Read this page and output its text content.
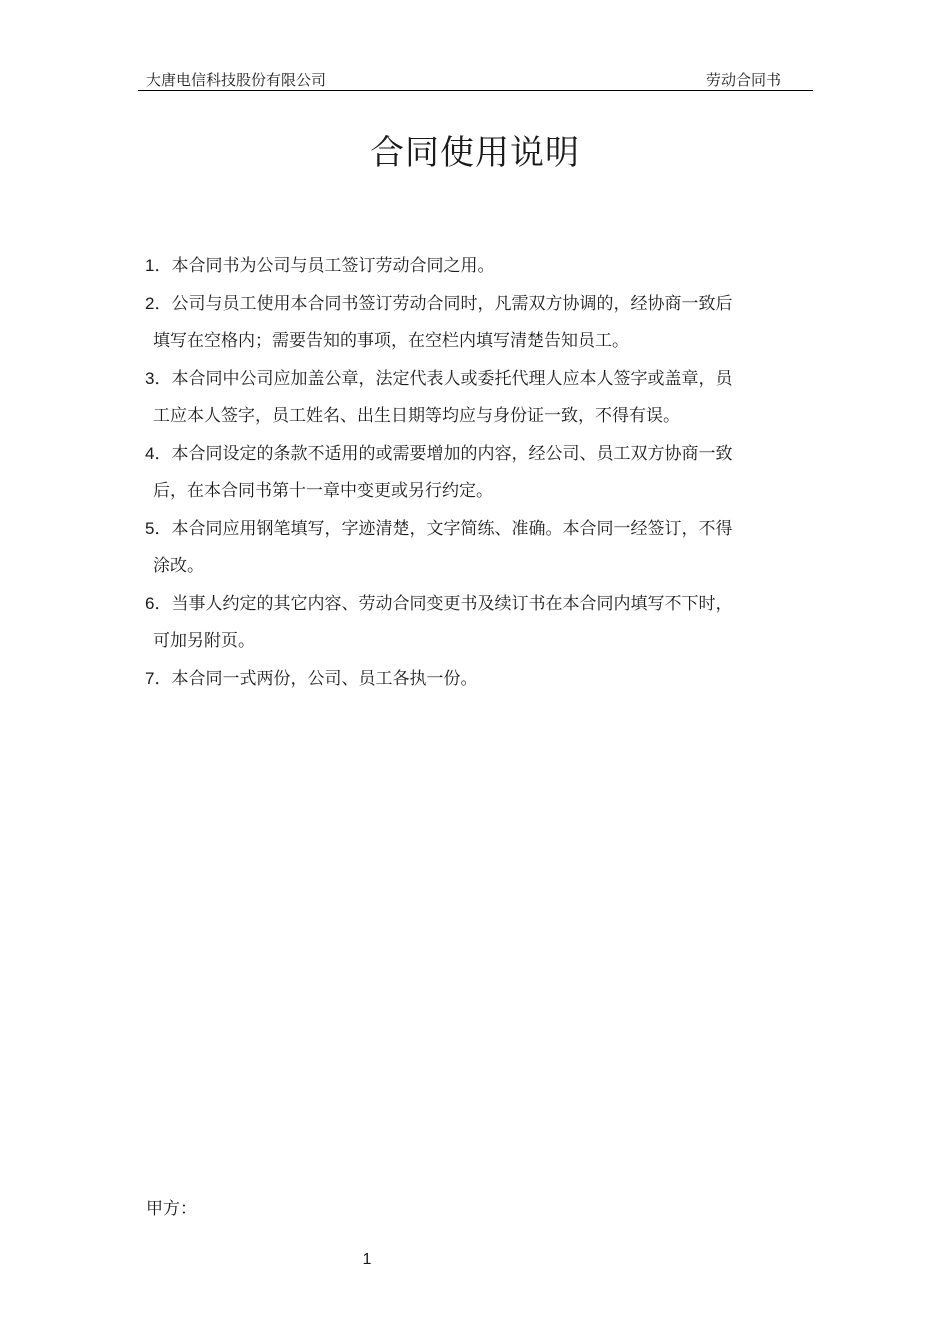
大唐电信科技股份有限公司	劳动合同书
合同使用说明
1．本合同书为公司与员工签订劳动合同之用。
2．公司与员工使用本合同书签订劳动合同时，凡需双方协调的，经协商一致后
填写在空格内；需要告知的事项，在空栏内填写清楚告知员工。
3．本合同中公司应加盖公章，法定代表人或委托代理人应本人签字或盖章，员
工应本人签字，员工姓名、出生日期等均应与身份证一致，不得有误。
4．本合同设定的条款不适用的或需要增加的内容，经公司、员工双方协商一致
后，在本合同书第十一章中变更或另行约定。
5．本合同应用钢笔填写，字迹清楚，文字简练、准确。本合同一经签订，不得
涂改。
6．当事人约定的其它内容、劳动合同变更书及续订书在本合同内填写不下时，
可加另附页。
7．本合同一式两份，公司、员工各执一份。
甲方：
1
